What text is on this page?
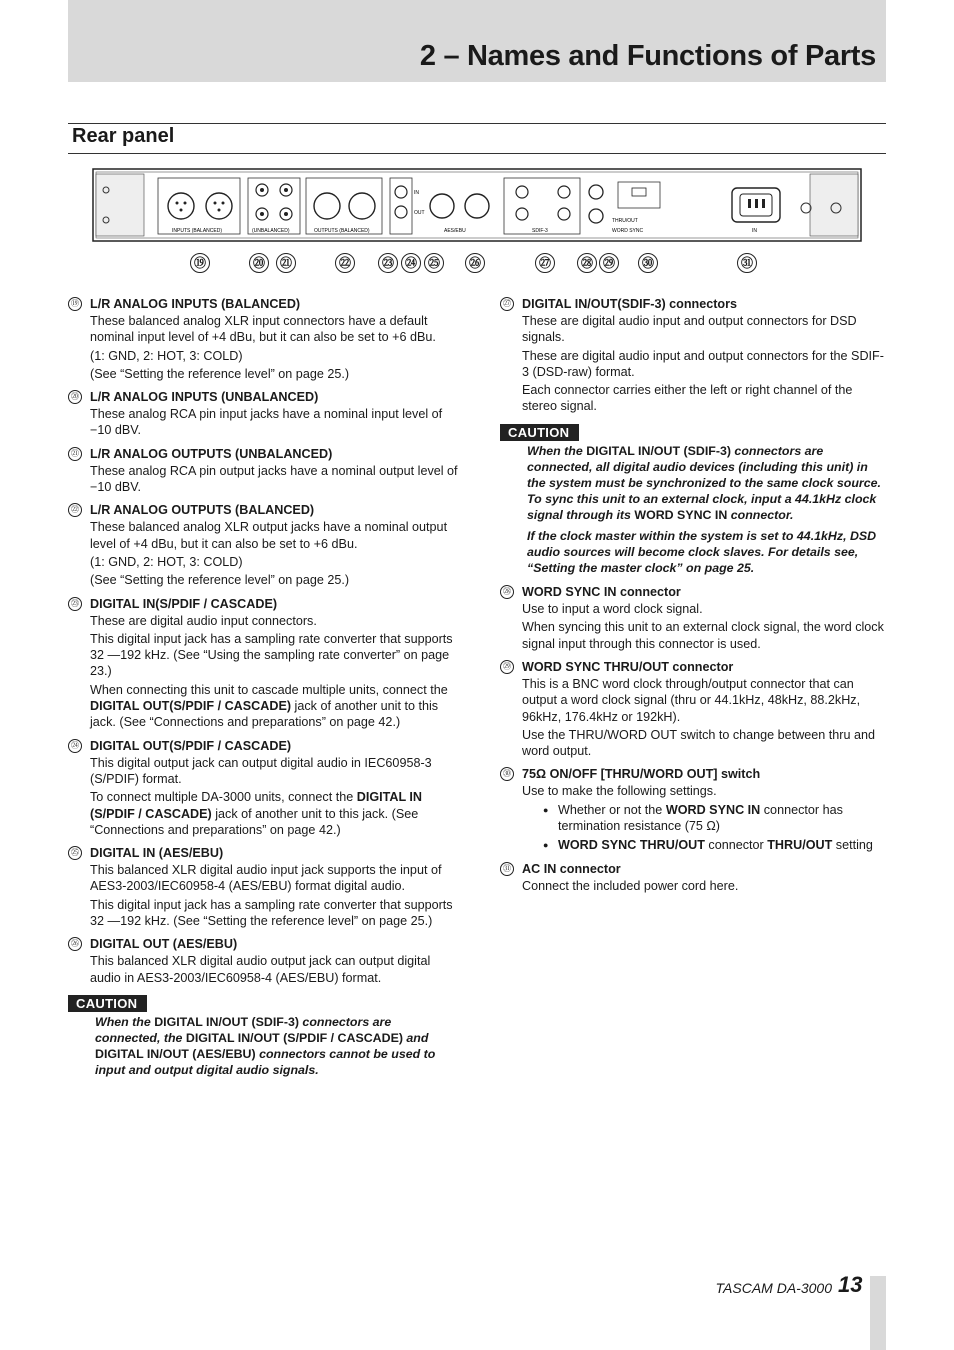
2 – Names and Functions of Parts
Rear panel
INPUTS (BALANCED)	(UNBALANCED)	OUTPUTS (BALANCED)
IN
OUT
AES/EBU	SDIF-3
THRU/OUT
WORD SYNC	IN
⑲	⑳	㉑	㉒	㉓ ㉔ ㉕	㉖	㉗	㉘ ㉙	㉚	㉛
⑲ L/R ANALOG INPUTS (BALANCED)

These balanced analog XLR input connectors have a default nominal input level of +4 dBu, but it can also be set to +6 dBu.

(1: GND, 2: HOT, 3: COLD)

(See “Setting the reference level” on page 25.)

⑳ L/R ANALOG INPUTS (UNBALANCED)

These analog RCA pin input jacks have a nominal input level of −10 dBV.

㉑ L/R ANALOG OUTPUTS (UNBALANCED)

These analog RCA pin output jacks have a nominal output level of −10 dBV.

㉒ L/R ANALOG OUTPUTS (BALANCED)

These balanced analog XLR output jacks have a nominal output level of +4 dBu, but it can also be set to +6 dBu.

(1: GND, 2: HOT, 3: COLD)

(See “Setting the reference level” on page 25.)

㉓ DIGITAL IN(S/PDIF / CASCADE)

These are digital audio input connectors.

This digital input jack has a sampling rate converter that supports 32 —192 kHz. (See “Using the sampling rate converter” on page 23.)

When connecting this unit to cascade multiple units, connect the DIGITAL OUT(S/PDIF / CASCADE) jack of another unit to this jack. (See “Connections and preparations” on page 42.)

㉔ DIGITAL OUT(S/PDIF / CASCADE)

This digital output jack can output digital audio in IEC60958-3 (S/PDIF) format.

To connect multiple DA-3000 units, connect the DIGITAL IN (S/PDIF / CASCADE) jack of another unit to this jack. (See “Connections and preparations” on page 42.)

㉕ DIGITAL IN (AES/EBU)

This balanced XLR digital audio input jack supports the input of AES3-2003/IEC60958-4 (AES/EBU) format digital audio.

This digital input jack has a sampling rate converter that supports 32 —192 kHz. (See “Setting the reference level” on page 25.)

㉖ DIGITAL OUT (AES/EBU)

This balanced XLR digital audio output jack can output digital audio in AES3-2003/IEC60958-4 (AES/EBU) format.

CAUTION

When the DIGITAL IN/OUT (SDIF-3) connectors are connected, the DIGITAL IN/OUT (S/PDIF / CASCADE) and DIGITAL IN/OUT (AES/EBU) connectors cannot be used to input and output digital audio signals.

㉗ DIGITAL IN/OUT(SDIF-3) connectors

These are digital audio input and output connectors for DSD signals.

These are digital audio input and output connectors for the SDIF-3 (DSD-raw) format.

Each connector carries either the left or right channel of the stereo signal.

CAUTION

When the DIGITAL IN/OUT (SDIF-3) connectors are connected, all digital audio devices (including this unit) in the system must be synchronized to the same clock source. To sync this unit to an external clock, input a 44.1kHz clock signal through its WORD SYNC IN connector.

If the clock master within the system is set to 44.1kHz, DSD audio sources will become clock slaves. For details see, “Setting the master clock” on page 25.

㉘ WORD SYNC IN connector

Use to input a word clock signal.

When syncing this unit to an external clock signal, the word clock signal input through this connector is used.

㉙ WORD SYNC THRU/OUT connector

This is a BNC word clock through/output connector that can output a word clock signal (thru or 44.1kHz, 48kHz, 88.2kHz, 96kHz, 176.4kHz or 192kH).

Use the THRU/WORD OUT switch to change between thru and word output.

㉚ 75Ω ON/OFF [THRU/WORD OUT] switch

Use to make the following settings.

● Whether or not the WORD SYNC IN connector has termination resistance (75 Ω)
● WORD SYNC THRU/OUT connector THRU/OUT setting
㉛ AC IN connector

Connect the included power cord here.

TASCAM DA-3000 13
